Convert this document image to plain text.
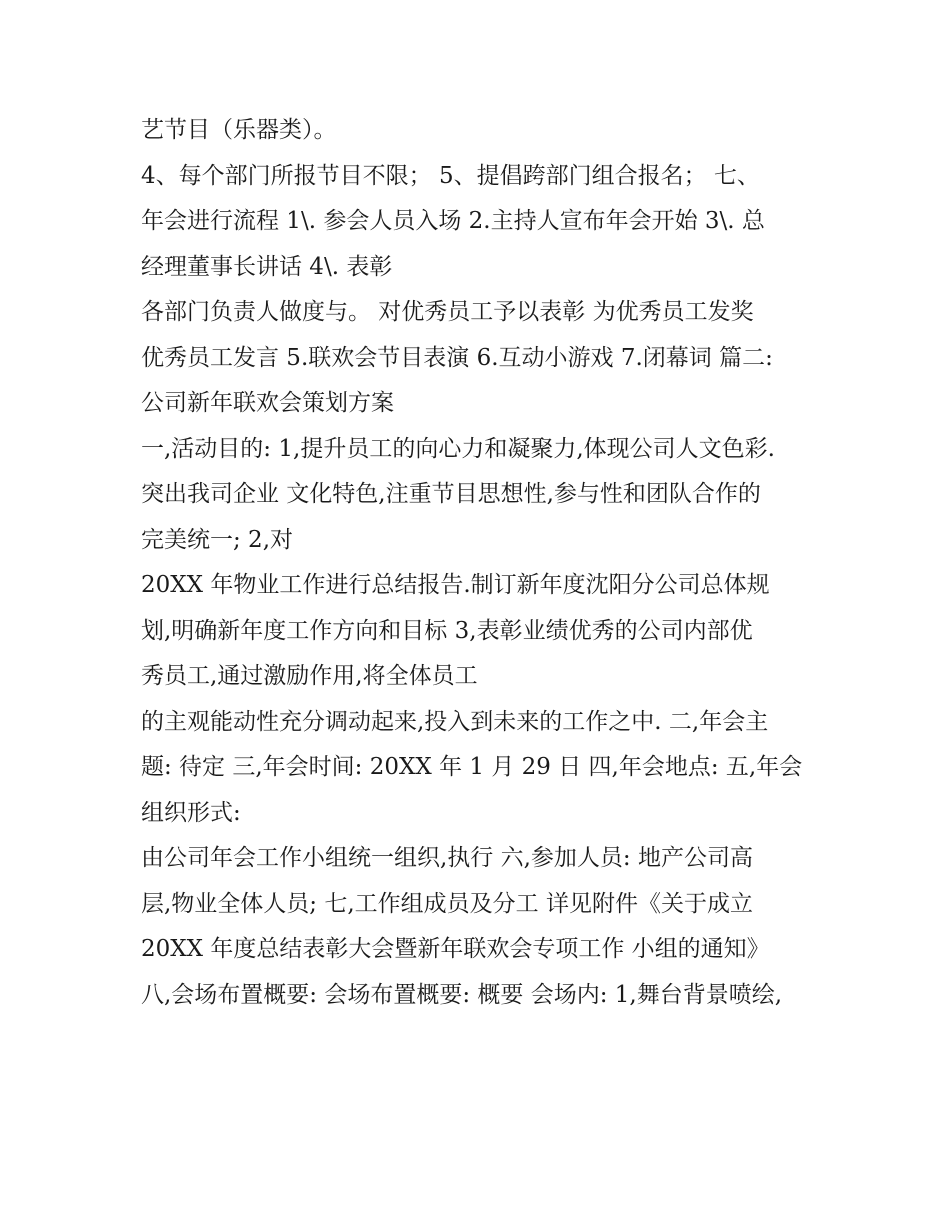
艺节目（乐器类）。
4、每个部门所报节目不限； 5、提倡跨部门组合报名； 七、
年会进行流程 1\. 参会人员入场 2.主持人宣布年会开始 3\. 总
经理董事长讲话 4\. 表彰
各部门负责人做度与。 对优秀员工予以表彰 为优秀员工发奖
优秀员工发言 5.联欢会节目表演 6.互动小游戏 7.闭幕词 篇二:
公司新年联欢会策划方案
一,活动目的: 1,提升员工的向心力和凝聚力,体现公司人文色彩.
突出我司企业 文化特色,注重节目思想性,参与性和团队合作的
完美统一; 2,对
20XX 年物业工作进行总结报告.制订新年度沈阳分公司总体规
划,明确新年度工作方向和目标 3,表彰业绩优秀的公司内部优
秀员工,通过激励作用,将全体员工
的主观能动性充分调动起来,投入到未来的工作之中. 二,年会主
题: 待定 三,年会时间: 20XX 年 1 月 29 日 四,年会地点: 五,年会
组织形式:
由公司年会工作小组统一组织,执行 六,参加人员: 地产公司高
层,物业全体人员; 七,工作组成员及分工 详见附件《关于成立
20XX 年度总结表彰大会暨新年联欢会专项工作 小组的通知》
八,会场布置概要: 会场布置概要: 概要 会场内: 1,舞台背景喷绘,
